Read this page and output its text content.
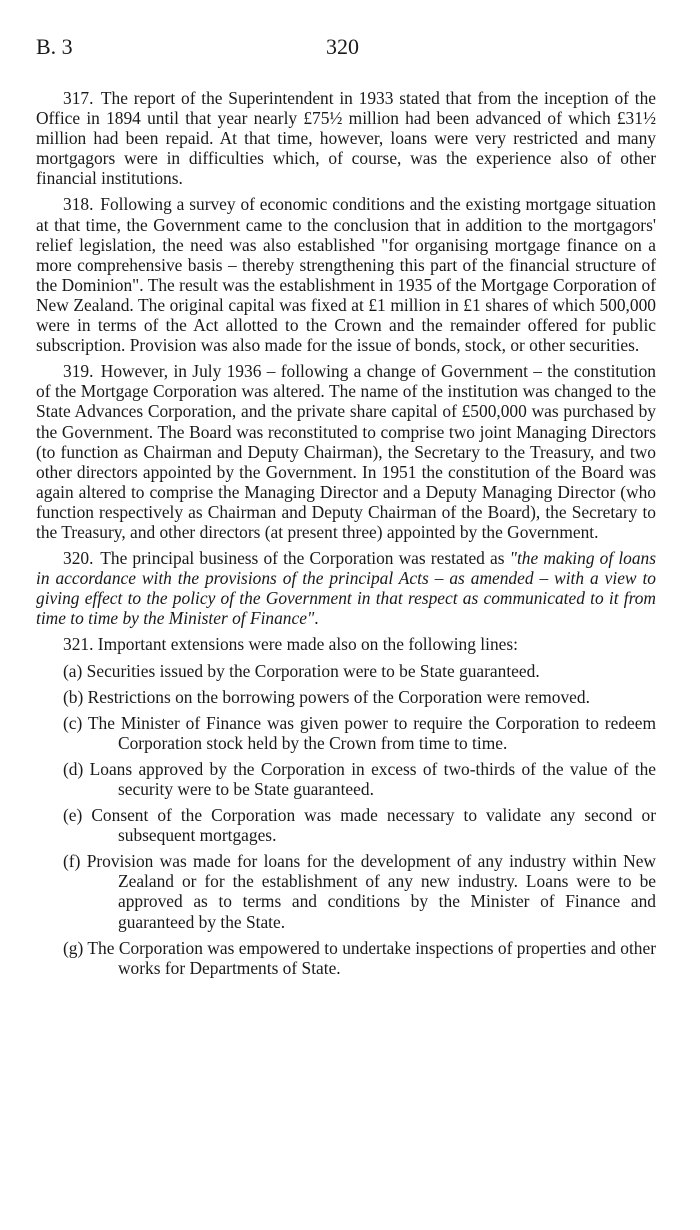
B. 3	320

317. The report of the Superintendent in 1933 stated that from the inception of the Office in 1894 until that year nearly £75½ million had been advanced of which £31½ million had been repaid. At that time, however, loans were very restricted and many mortgagors were in difficulties which, of course, was the experience also of other financial institutions.

318. Following a survey of economic conditions and the existing mortgage situation at that time, the Government came to the conclusion that in addition to the mortgagors' relief legislation, the need was also established "for organising mortgage finance on a more comprehensive basis – thereby strengthening this part of the financial structure of the Dominion". The result was the establishment in 1935 of the Mortgage Corporation of New Zealand. The original capital was fixed at £1 million in £1 shares of which 500,000 were in terms of the Act allotted to the Crown and the remainder offered for public subscription. Provision was also made for the issue of bonds, stock, or other securities.

319. However, in July 1936 – following a change of Government – the constitution of the Mortgage Corporation was altered. The name of the institution was changed to the State Advances Corporation, and the private share capital of £500,000 was purchased by the Government. The Board was reconstituted to comprise two joint Managing Directors (to function as Chairman and Deputy Chairman), the Secretary to the Treasury, and two other directors appointed by the Government. In 1951 the constitution of the Board was again altered to comprise the Managing Director and a Deputy Managing Director (who function respectively as Chairman and Deputy Chairman of the Board), the Secretary to the Treasury, and other directors (at present three) appointed by the Government.

320. The principal business of the Corporation was restated as "the making of loans in accordance with the provisions of the principal Acts – as amended – with a view to giving effect to the policy of the Government in that respect as communicated to it from time to time by the Minister of Finance".

321. Important extensions were made also on the following lines:

(a) Securities issued by the Corporation were to be State guaranteed.

(b) Restrictions on the borrowing powers of the Corporation were removed.

(c) The Minister of Finance was given power to require the Corporation to redeem Corporation stock held by the Crown from time to time.

(d) Loans approved by the Corporation in excess of two-thirds of the value of the security were to be State guaranteed.

(e) Consent of the Corporation was made necessary to validate any second or subsequent mortgages.

(f) Provision was made for loans for the development of any industry within New Zealand or for the establishment of any new industry. Loans were to be approved as to terms and conditions by the Minister of Finance and guaranteed by the State.

(g) The Corporation was empowered to undertake inspections of properties and other works for Departments of State.
